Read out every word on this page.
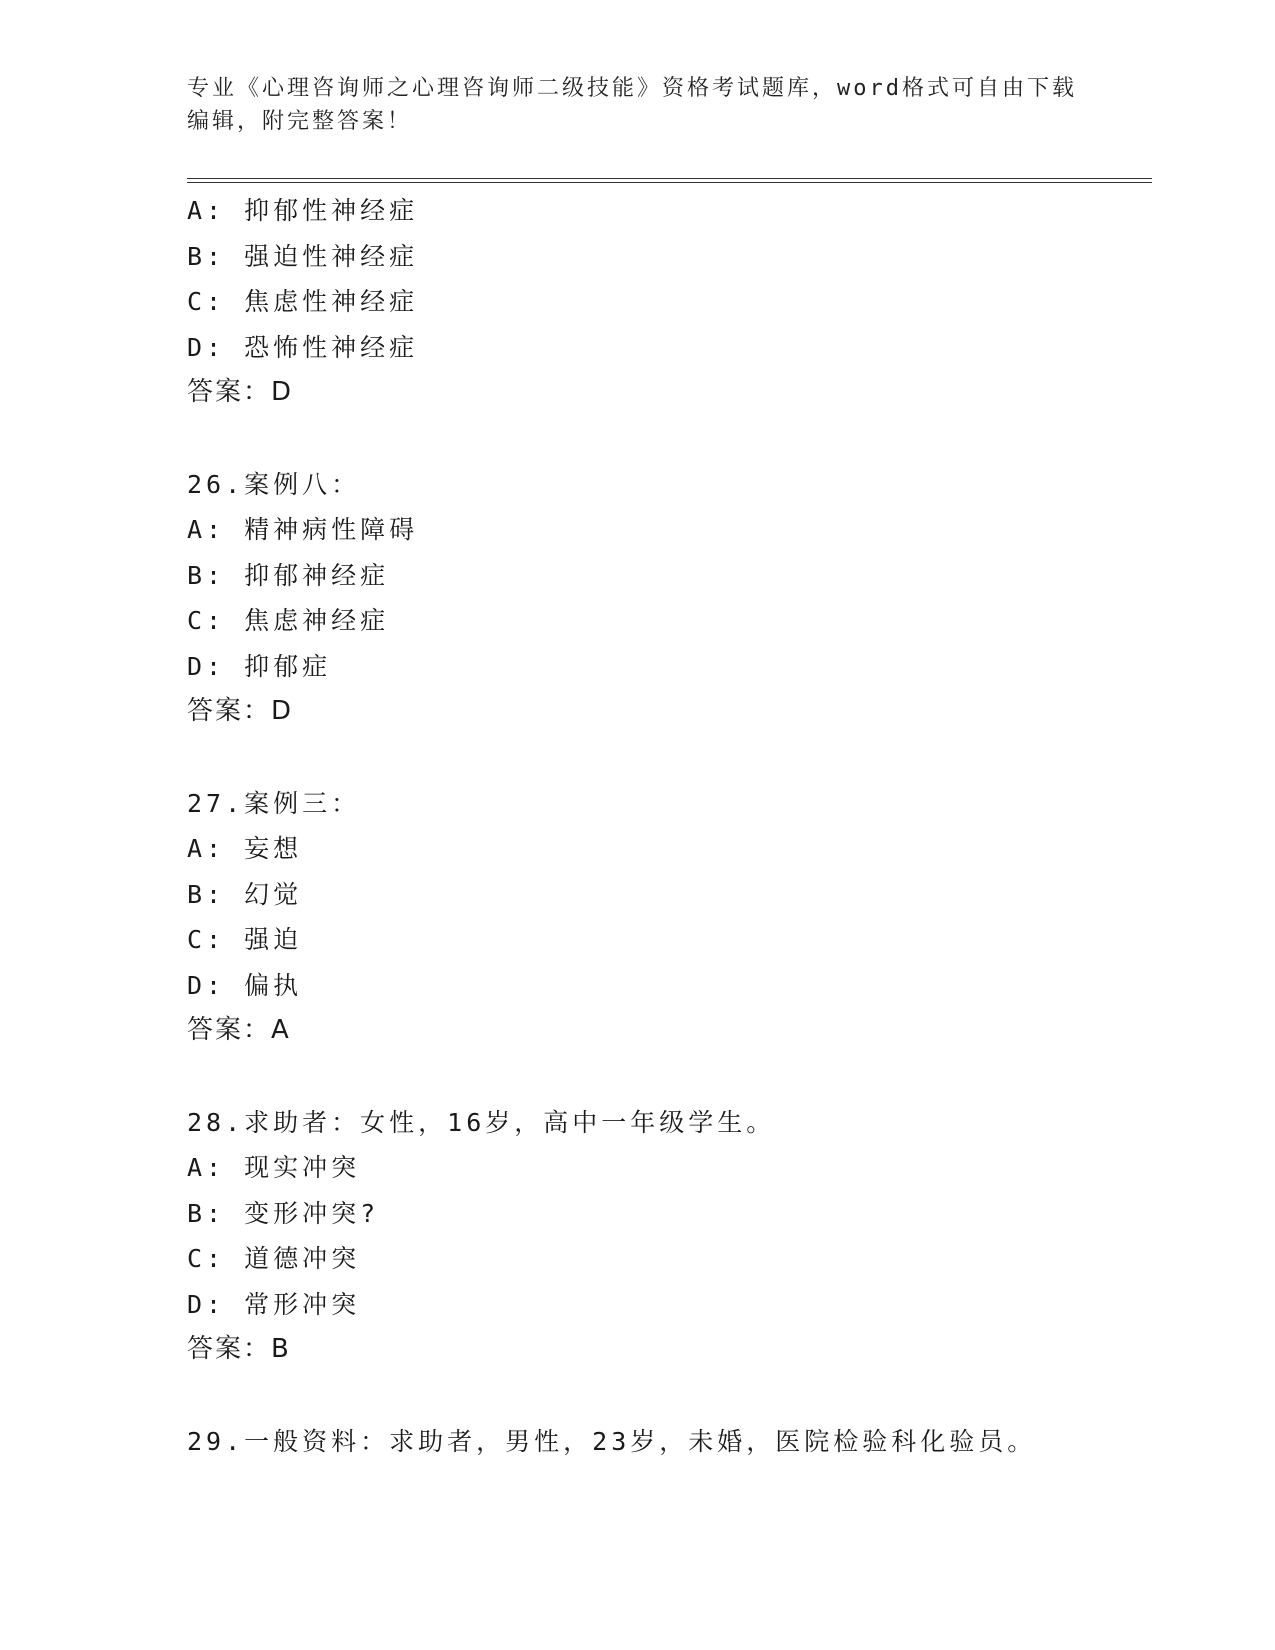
专业《心理咨询师之心理咨询师二级技能》资格考试题库，word格式可自由下载
编辑，附完整答案！
A: 抑郁性神经症
B: 强迫性神经症
C: 焦虑性神经症
D: 恐怖性神经症
答案：D
26.案例八：
A: 精神病性障碍
B: 抑郁神经症
C: 焦虑神经症
D: 抑郁症
答案：D
27.案例三：
A: 妄想
B: 幻觉
C: 强迫
D: 偏执
答案：A
28.求助者：女性，16岁，高中一年级学生。
A: 现实冲突
B: 变形冲突?
C: 道德冲突
D: 常形冲突
答案：B
29.一般资料：求助者，男性，23岁，未婚，医院检验科化验员。
